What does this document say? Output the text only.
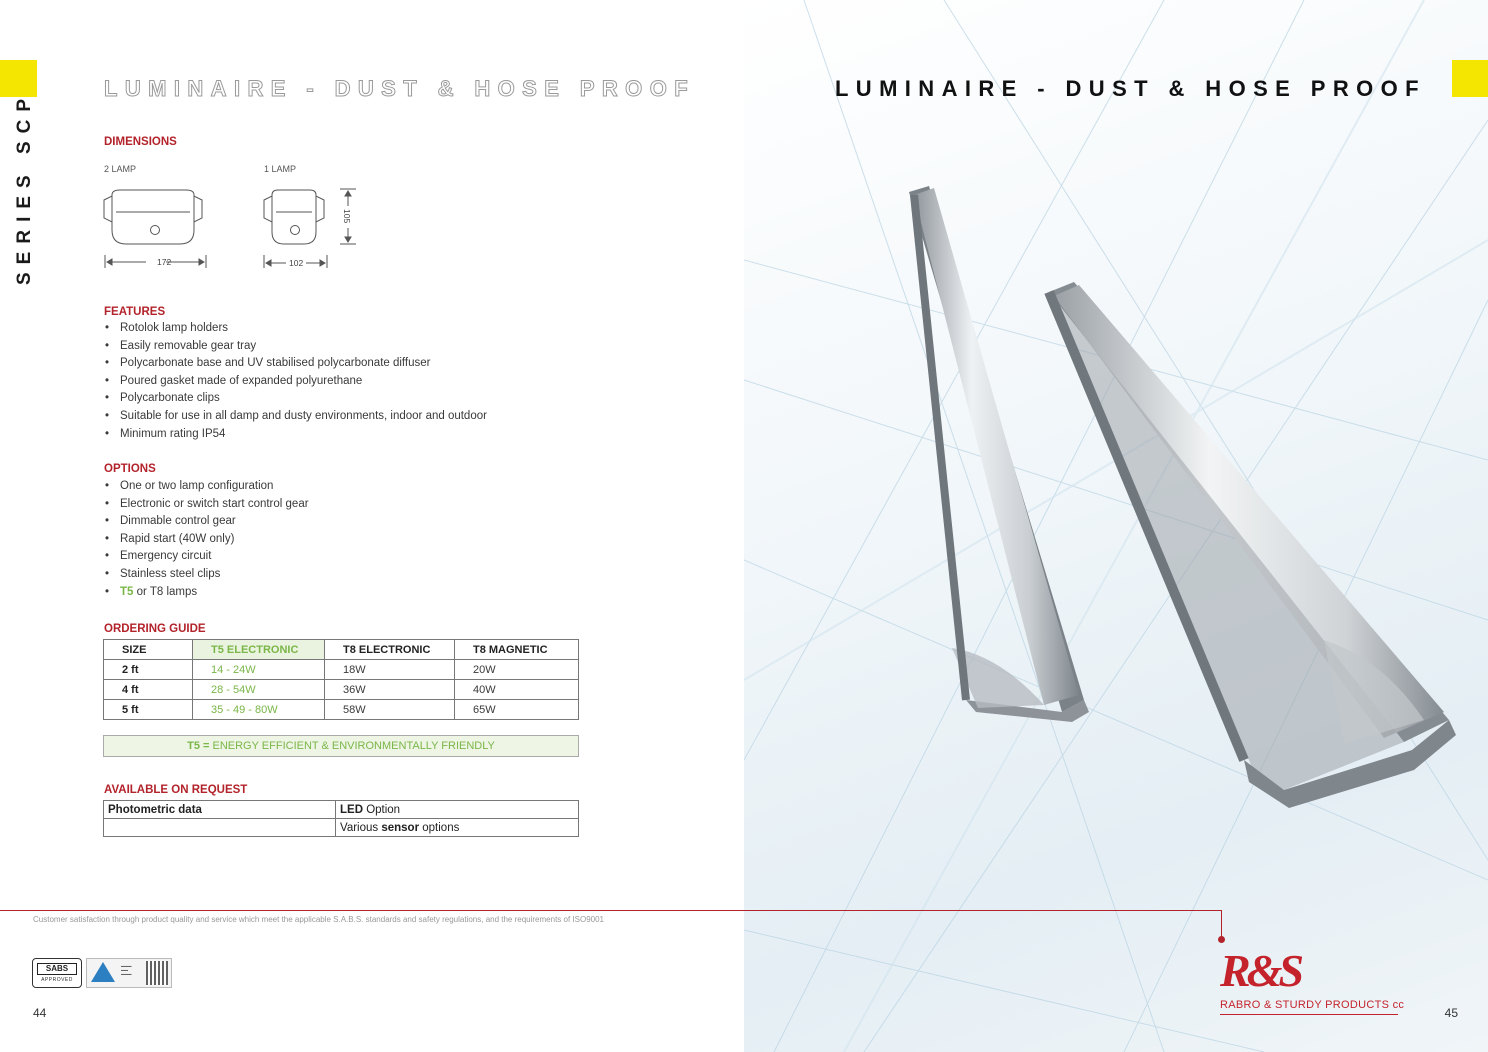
SERIES SCP
LUMINAIRE - DUST & HOSE PROOF
DIMENSIONS
2 LAMP	1 LAMP
172	102
105
FEATURES
• Rotolok lamp holders
• Easily removable gear tray
• Polycarbonate base and UV stabilised polycarbonate diffuser
• Poured gasket made of expanded polyurethane
• Polycarbonate clips
• Suitable for use in all damp and dusty environments, indoor and outdoor
• Minimum rating IP54
OPTIONS
• One or two lamp configuration
• Electronic or switch start control gear
• Dimmable control gear
• Rapid start (40W only)
• Emergency circuit
• Stainless steel clips
• T5 or T8 lamps
ORDERING GUIDE
SIZE	T5 ELECTRONIC	T8 ELECTRONIC	T8 MAGNETIC
2 ft	14 - 24W	18W	20W
4 ft	28 - 54W	36W	40W
5 ft	35 - 49 - 80W	58W	65W
T5 = ENERGY EFFICIENT & ENVIRONMENTALLY FRIENDLY
AVAILABLE ON REQUEST
Photometric data	LED Option
	Various sensor options
Customer satisfaction through product quality and service which meet the applicable S.A.B.S. standards and safety regulations, and the requirements of ISO9001
SABS
APPROVED
▬▬▬
▬▬
▬▬▬
44
LUMINAIRE - DUST & HOSE PROOF
45
R&S
RABRO & STURDY PRODUCTS cc
